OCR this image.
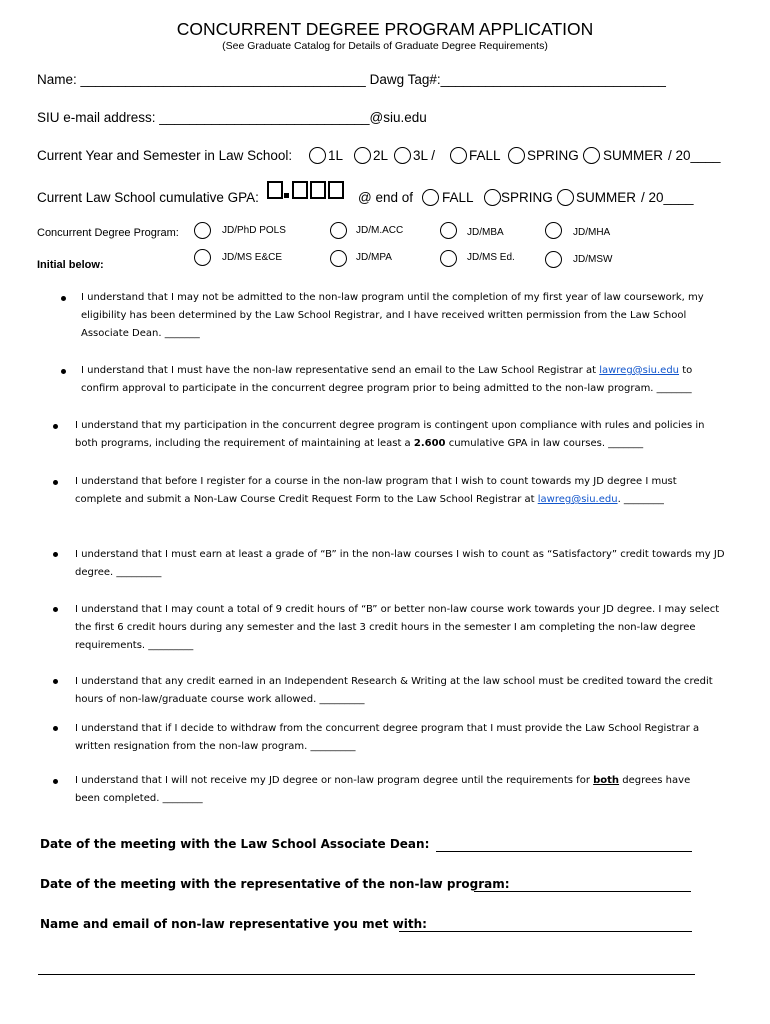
CONCURRENT DEGREE PROGRAM APPLICATION
(See Graduate Catalog for Details of Graduate Degree Requirements)
Name: ______________________________________ Dawg Tag#:______________________________
SIU e-mail address: ____________________________@siu.edu
Current Year and Semester in Law School:	1L 2L 3L /	FALL SPRING SUMMER / 20____
Current Law School cumulative GPA:	@ end of FALL SPRING SUMMER / 20____
Concurrent Degree Program:
Initial below:
JD/PhD POLS	JD/M.ACC	JD/MBA	JD/MHA
JD/MS E&CE	JD/MPA	JD/MS Ed.	JD/MSW
I understand that I may not be admitted to the non-law program until the completion of my first year of law coursework, my eligibility has been determined by the Law School Registrar, and I have received written permission from the Law School Associate Dean. _______
I understand that I must have the non-law representative send an email to the Law School Registrar at lawreg@siu.edu to confirm approval to participate in the concurrent degree program prior to being admitted to the non-law program. _______
I understand that my participation in the concurrent degree program is contingent upon compliance with rules and policies in both programs, including the requirement of maintaining at least a 2.600 cumulative GPA in law courses. _______
I understand that before I register for a course in the non-law program that I wish to count towards my JD degree I must complete and submit a Non-Law Course Credit Request Form to the Law School Registrar at lawreg@siu.edu. ________
I understand that I must earn at least a grade of “B” in the non-law courses I wish to count as “Satisfactory” credit towards my JD degree. _________
I understand that I may count a total of 9 credit hours of “B” or better non-law course work towards your JD degree. I may select the first 6 credit hours during any semester and the last 3 credit hours in the semester I am completing the non-law degree requirements. _________
I understand that any credit earned in an Independent Research & Writing at the law school must be credited toward the credit hours of non-law/graduate course work allowed. _________
I understand that if I decide to withdraw from the concurrent degree program that I must provide the Law School Registrar a written resignation from the non-law program. _________
I understand that I will not receive my JD degree or non-law program degree until the requirements for both degrees have been completed. ________
Date of the meeting with the Law School Associate Dean:
Date of the meeting with the representative of the non-law program:
Name and email of non-law representative you met with:
